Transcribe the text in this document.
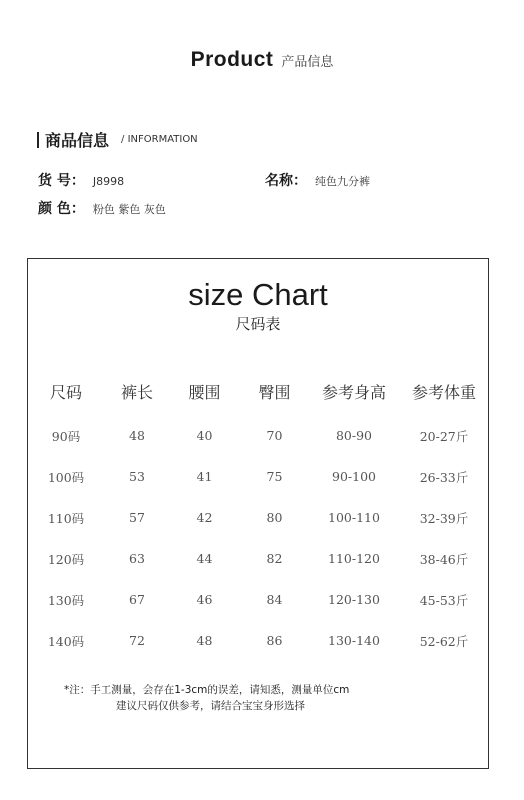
Product 产品信息
商品信息 / INFORMATION
货 号： J8998	名称： 纯色九分裤
颜 色： 粉色 紫色 灰色
size Chart
尺码表
尺码	裤长	腰围	臀围	参考身高	参考体重
90码	48	40	70	80-90	20-27斤
100码	53	41	75	90-100	26-33斤
110码	57	42	80	100-110	32-39斤
120码	63	44	82	110-120	38-46斤
130码	67	46	84	120-130	45-53斤
140码	72	48	86	130-140	52-62斤
*注：手工测量，会存在1-3cm的误差，请知悉，测量单位cm
建议尺码仅供参考，请结合宝宝身形选择
